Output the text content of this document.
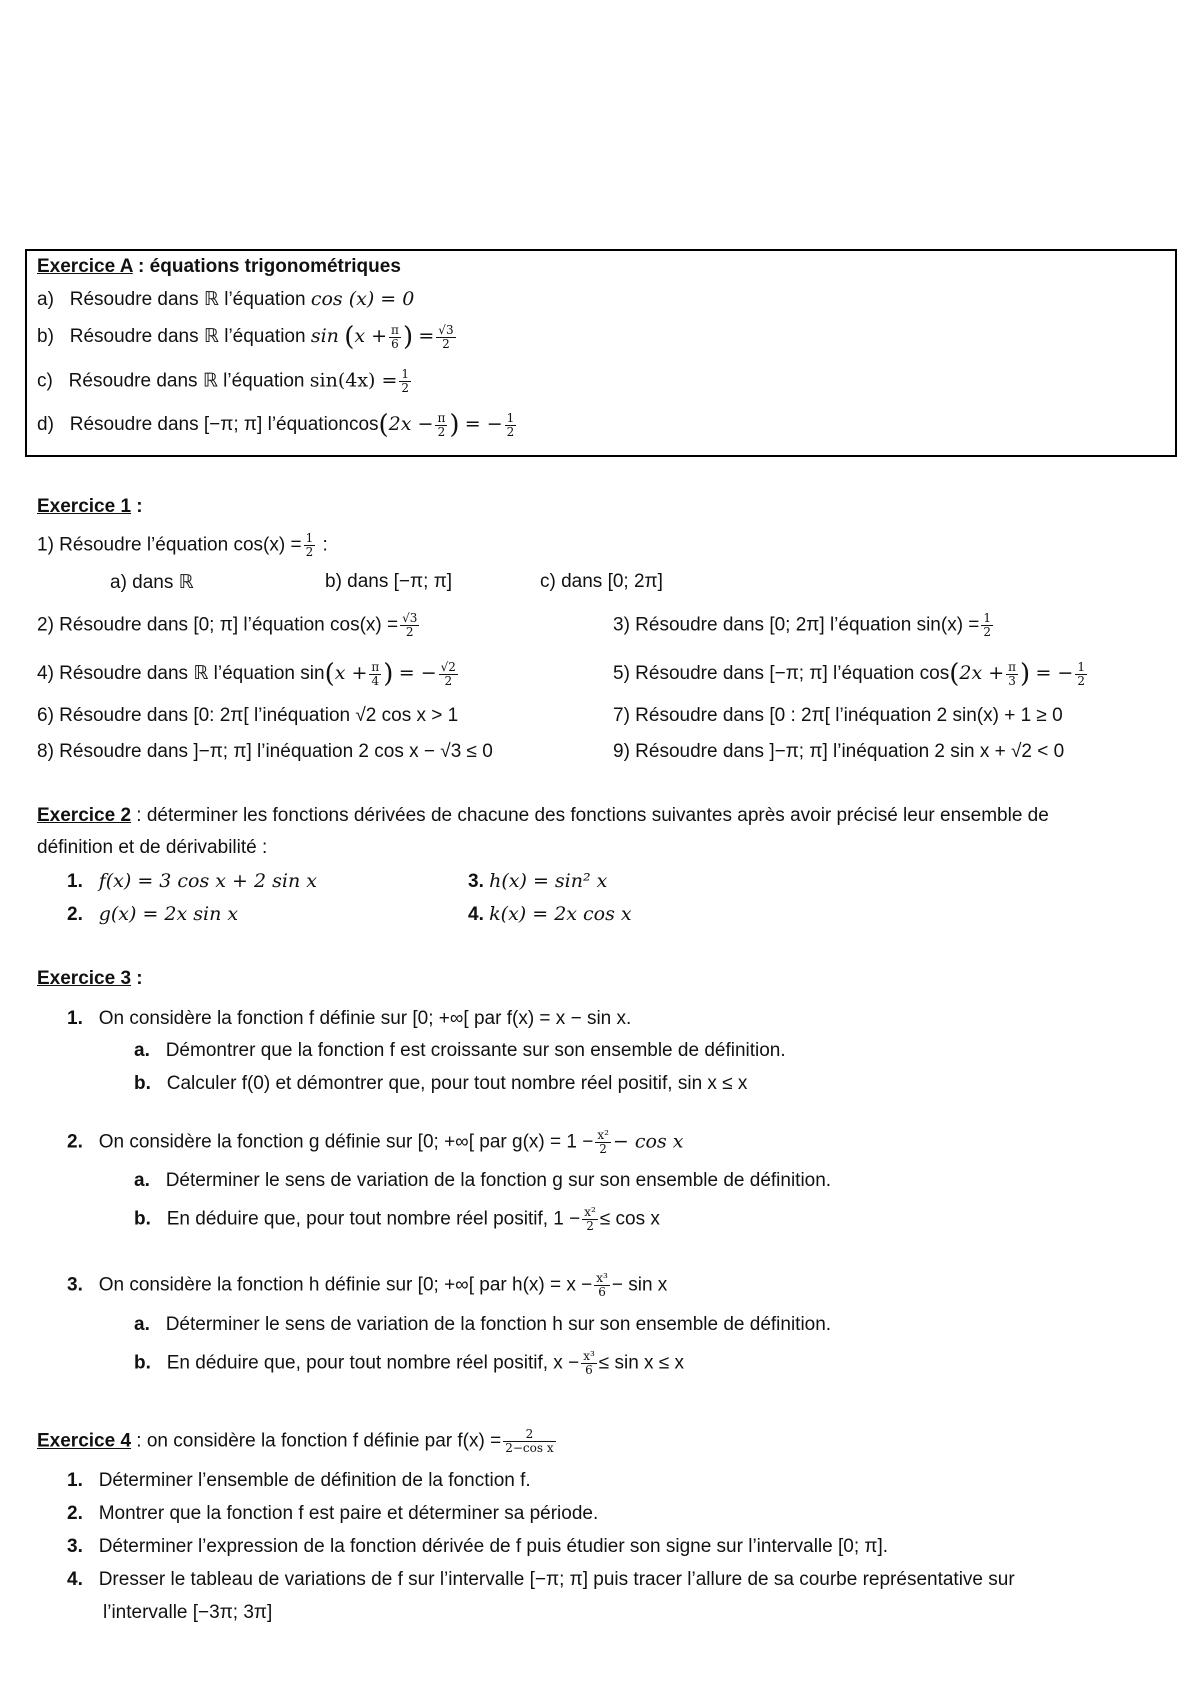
Exercice A : équations trigonométriques
a) Résoudre dans ℝ l’équation cos (x) = 0
b) Résoudre dans ℝ l’équation $\sin (x + \frac{\pi}{6}$ ) = $\frac{√3}{2}$
c) Résoudre dans ℝ l’équation $\sin(4x) = \frac{1}{2}$
d) Résoudre dans [−π; π] l’équationcos(2x − $\frac{\pi}{2}$ ) = − $\frac{1}{2}$
Exercice 1 :
1) Résoudre l’équation $\cos(x) = \frac{1}{2}$ :
a) dans ℝ	b) dans [−π; π]	c) dans [0; 2π]
2) Résoudre dans [0; π] l’équation $\cos(x) = \frac{√3}{2}$	3) Résoudre dans [0; 2π] l’équation $\sin(x) = \frac{1}{2}$
4) Résoudre dans ℝ l’équation $\sin(x + \frac{\pi}{4}$ ) = − $\frac{√2}{2}$	5) Résoudre dans [−π; π] l’équation $\cos(2x + \frac{\pi}{3}$ ) = − $\frac{1}{2}$
6) Résoudre dans [0: 2π[ l’inéquation √2 cos x > 1	7) Résoudre dans [0 : 2π[ l’inéquation 2 sin(x) + 1 ≥ 0
8) Résoudre dans ]−π; π] l’inéquation 2 cos x − √3 ≤ 0	9) Résoudre dans ]−π; π] l’inéquation 2 sin x + √2 < 0
Exercice 2 : déterminer les fonctions dérivées de chacune des fonctions suivantes après avoir précisé leur ensemble de
définition et de dérivabilité :
1. f(x) = 3 cos x + 2 sin x
2. g(x) = 2x sin x
3. h(x) = sin² x
4. k(x) = 2x cos x
Exercice 3 :
1. On considère la fonction f définie sur [0; +∞[ par f(x) = x − sin x.
a. Démontrer que la fonction f est croissante sur son ensemble de définition.
b. Calculer f(0) et démontrer que, pour tout nombre réel positif, sin x ≤ x
2. On considère la fonction g définie sur [0; +∞[ par $g(x) = 1 - \frac{\text{x²}}{2} - \cos x$
a. Déterminer le sens de variation de la fonction g sur son ensemble de définition.
b. En déduire que, pour tout nombre réel positif, $1 - \frac{\text{x²}}{2} \le \cos x$
3. On considère la fonction h définie sur [0; +∞[ par $h(x) = x - \frac{\text{x³}}{6} - \sin x$
a. Déterminer le sens de variation de la fonction h sur son ensemble de définition.
b. En déduire que, pour tout nombre réel positif, $x - \frac{\text{x³}}{6} \le \sin x \le x$
Exercice 4 : on considère la fonction f définie par $f(x) = \frac{2}{\text{2−cos x}}$
1. Déterminer l’ensemble de définition de la fonction f.
2. Montrer que la fonction f est paire et déterminer sa période.
3. Déterminer l’expression de la fonction dérivée de f puis étudier son signe sur l’intervalle [0; π].
4. Dresser le tableau de variations de f sur l’intervalle [−π; π] puis tracer l’allure de sa courbe représentative sur
l’intervalle [−3π; 3π]
